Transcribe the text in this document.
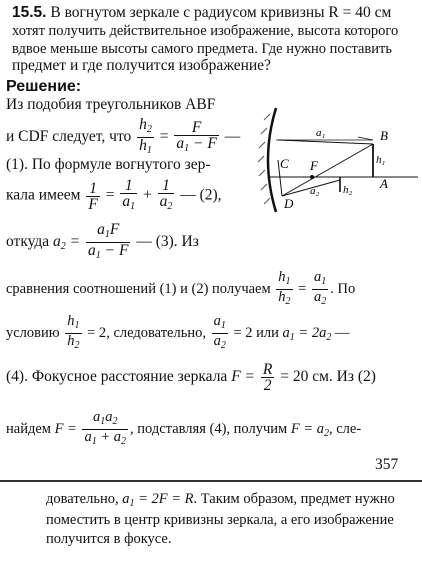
15.5. В вогнутом зеркале с радиусом кривизны R = 40 см
хотят получить действительное изображение, высота которого
вдвое меньше высоты самого предмета. Где нужно поставить
предмет и где получится изображение?
Решение:
Из подобия треугольников ABF
и CDF следует, что $\frac{h_2}{h_1} = \frac{F}{a_1 - F}$ —
(1). По формуле вогнутого зер-
кала имеем $\frac{1}{F} = \frac{1}{a_1} + \frac{1}{a_2}$ — (2),
откуда $a_2 = \frac{a_1F}{a_1 - F}$ — (3). Из
сравнения соотношений (1) и (2) получаем $\frac{h_1}{h_2} = \frac{a_1}{a_2}$ . По
условию $\frac{h_1}{h_2} = 2$, следовательно, $\frac{a_1}{a_2} = 2$ или $a_1 = 2a_2$ —
(4). Фокусное расстояние зеркала $F = \frac{R}{2} = 20$ см. Из (2)
найдем $F = \frac{a_1a_2}{a_1 + a_2}$ , подставляя (4), получим $F = a_2$, сле-
357
довательно, $a_1 = 2F = R$. Таким образом, предмет нужно
поместить в центр кривизны зеркала, а его изображение
получится в фокусе.
a₁	B
h₁
A
C F
a₂ h₂
D
